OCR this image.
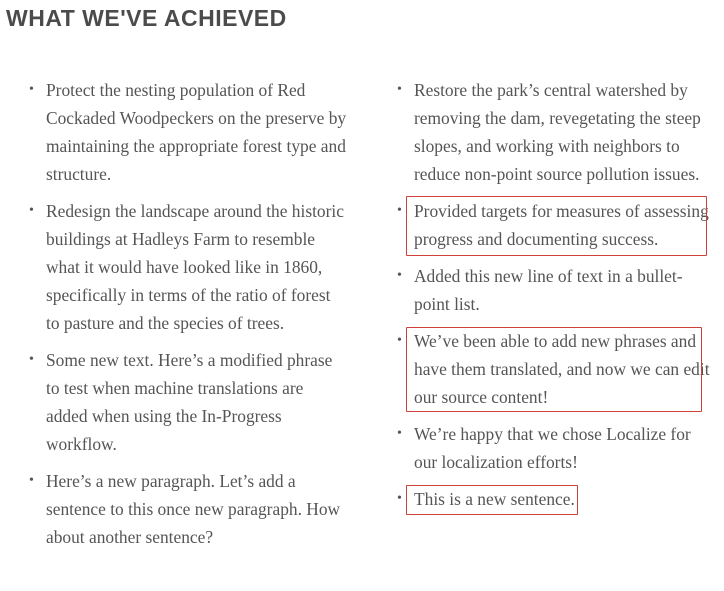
WHAT WE'VE ACHIEVED
• Protect the nesting population of Red Cockaded Woodpeckers on the preserve by maintaining the appropriate forest type and structure.
• Redesign the landscape around the historic buildings at Hadleys Farm to resemble what it would have looked like in 1860, specifically in terms of the ratio of forest to pasture and the species of trees.
• Some new text. Here’s a modified phrase to test when machine translations are added when using the In-Progress workflow.
• Here’s a new paragraph. Let’s add a sentence to this once new paragraph. How about another sentence?
• Restore the park’s central watershed by removing the dam, revegetating the steep slopes, and working with neighbors to reduce non-point source pollution issues.
• Provided targets for measures of assessing progress and documenting success.
• Added this new line of text in a bullet-point list.
• We’ve been able to add new phrases and have them translated, and now we can edit our source content!
• We’re happy that we chose Localize for our localization efforts!
• This is a new sentence.
